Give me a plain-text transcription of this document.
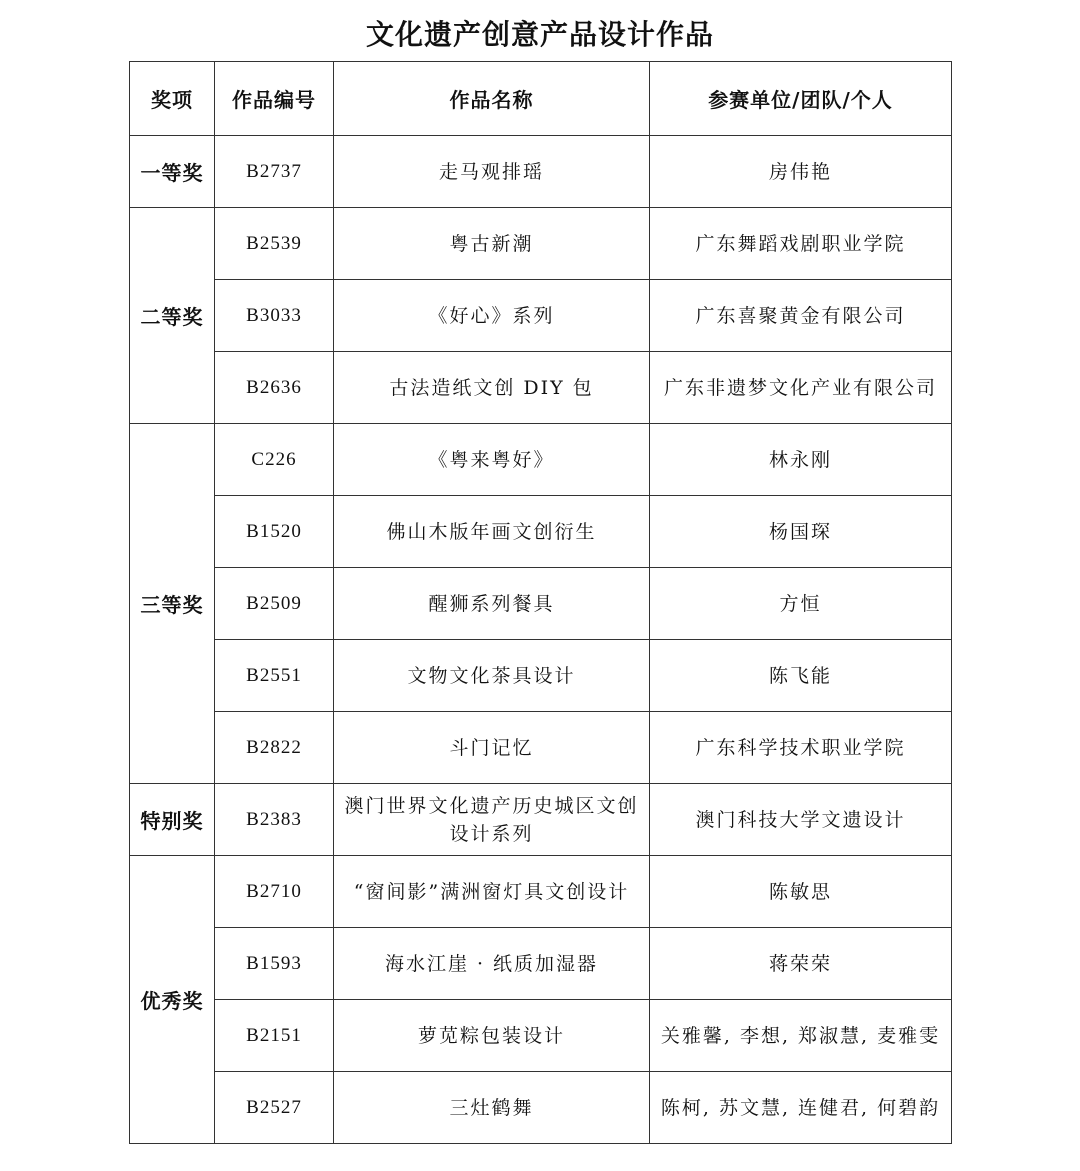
文化遗产创意产品设计作品
奖项	作品编号	作品名称	参赛单位/团队/个人
一等奖	B2737	走马观排瑶	房伟艳
二等奖	B2539	粤古新潮	广东舞蹈戏剧职业学院
	B3033	《好心》系列	广东喜聚黄金有限公司
	B2636	古法造纸文创 DIY 包	广东非遗梦文化产业有限公司
三等奖	C226	《粤来粤好》	林永刚
	B1520	佛山木版年画文创衍生	杨国琛
	B2509	醒狮系列餐具	方恒
	B2551	文物文化茶具设计	陈飞能
	B2822	斗门记忆	广东科学技术职业学院
特别奖	B2383	澳门世界文化遗产历史城区文创设计系列	澳门科技大学文遗设计
优秀奖	B2710	“窗间影”满洲窗灯具文创设计	陈敏思
	B1593	海水江崖 · 纸质加湿器	蒋荣荣
	B2151	萝苋粽包装设计	关雅馨, 李想, 郑淑慧, 麦雅雯
	B2527	三灶鹤舞	陈柯, 苏文慧, 连健君, 何碧韵
